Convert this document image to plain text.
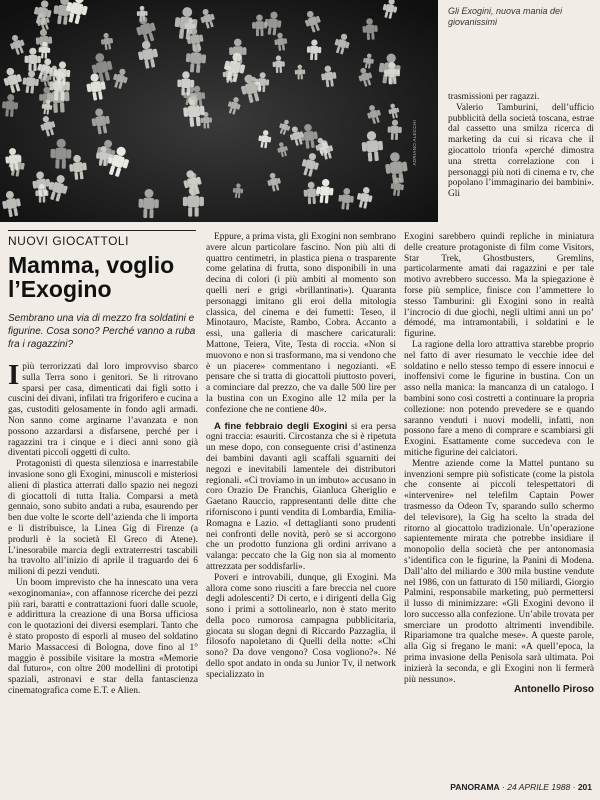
ADRIANO ALECCHI
Gli Exogini, nuova mania dei giovanissimi
NUOVI GIOCATTOLI
Mamma, voglio l’Exogino
Sembrano una via di mezzo fra soldatini e figurine. Cosa sono? Perché vanno a ruba fra i ragazzini?

Ipiù terrorizzati dal loro improvviso sbarco sulla Terra sono i genitori. Se li ritrovano sparsi per casa, dimenticati dai figli sotto i cuscini dei divani, infilati tra frigorifero e cucina a gas, custoditi gelosamente in fondo agli armadi. Non sanno come arginarne l’avanzata e non possono azzardarsi a disfarsene, perché per i ragazzini tra i cinque e i dieci anni sono già diventati piccoli oggetti di culto.

Protagonisti di questa silenziosa e inarrestabile invasione sono gli Exogini, minuscoli e misteriosi alieni di plastica atterrati dallo spazio nei negozi di giocattoli di tutta Italia. Comparsi a metà gennaio, sono subito andati a ruba, esaurendo per ben due volte le scorte dell’azienda che li importa e li distribuisce, la Linea Gig di Firenze (a produrli è la società El Greco di Atene). L’inesorabile marcia degli extraterrestri tascabili ha travolto all’inizio di aprile il traguardo dei 6 milioni di pezzi venduti.

Un boom imprevisto che ha innescato una vera «exoginomania», con affannose ricerche dei pezzi più rari, baratti e contrattazioni fuori dalle scuole, e addirittura la creazione di una Borsa ufficiosa con le quotazioni dei diversi esemplari. Tanto che è stato proposto di esporli al museo del soldatino Mario Massaccesi di Bologna, dove fino al 1° maggio è possibile visitare la mostra «Memorie dal futuro», con oltre 200 modellini di prototipi spaziali, astronavi e star della fantascienza cinematografica come E.T. e Alien.

Eppure, a prima vista, gli Exogini non sembrano avere alcun particolare fascino. Non più alti di quattro centimetri, in plastica piena o trasparente come gelatina di frutta, sono disponibili in una decina di colori (i più ambiti al momento son quelli neri e grigi «brillantinati»). Quaranta personaggi imitano gli eroi della mitologia classica, del cinema e dei fumetti: Teseo, il Minotauro, Maciste, Rambo, Cobra. Accanto a essi, una galleria di maschere caricaturali: Mattone, Teiera, Vite, Testa di roccia. «Non si muovono e non si trasformano, ma si vendono che è un piacere» commentano i negozianti. «E pensare che si tratta di giocattoli piuttosto poveri, a cominciare dal prezzo, che va dalle 500 lire per la bustina con un Exogino alle 12 mila per la confezione che ne contiene 40».

A fine febbraio degli Exogini si era persa ogni traccia: esauriti. Circostanza che si è ripetuta un mese dopo, con conseguente crisi d’astinenza dei bambini davanti agli scaffali sguarniti dei negozi e inevitabili lamentele dei distributori regionali. «Ci troviamo in un imbuto» accusano in coro Orazio De Franchis, Gianluca Gheriglio e Gaetano Rauccio, rappresentanti delle ditte che riforniscono i punti vendita di Lombardia, Emilia-Romagna e Lazio. «I dettaglianti sono prudenti nei confronti delle novità, però se si accorgono che un prodotto funziona gli ordini arrivano a valanga: peccato che la Gig non sia al momento attrezzata per soddisfarli».

Poveri e introvabili, dunque, gli Exogini. Ma allora come sono riusciti a fare breccia nel cuore degli adolescenti? Di certo, e i dirigenti della Gig sono i primi a sottolinearlo, non è stato merito della poco rumorosa campagna pubblicitaria, giocata su slogan degni di Riccardo Pazzaglia, il filosofo napoletano di Quelli della notte: «Chi sono? Da dove vengono? Cosa vogliono?». Né dello spot andato in onda su Junior Tv, il network specializzato in

trasmissioni per ragazzi.

Valerio Tamburini, dell’ufficio pubblicità della società toscana, estrae dal cassetto una smilza ricerca di marketing da cui si ricava che il giocattolo trionfa «perché dimostra una stretta correlazione con i personaggi più noti di cinema e tv, che popolano l’immaginario dei bambini». Gli

Exogini sarebbero quindi repliche in miniatura delle creature protagoniste di film come Visitors, Star Trek, Ghostbusters, Gremlins, particolarmente amati dai ragazzini e per tale motivo avrebbero successo. Ma la spiegazione è forse più semplice, finisce con l’ammettere lo stesso Tamburini: gli Exogini sono in realtà l’incrocio di due giochi, negli ultimi anni un po’ démodé, ma intramontabili, i soldatini e le figurine.

La ragione della loro attrattiva starebbe proprio nel fatto di aver riesumato le vecchie idee del soldatino e nello stesso tempo di essere innocui e inoffensivi come le figurine in bustina. Con un asso nella manica: la mancanza di un catalogo. I bambini sono così costretti a continuare la propria collezione: non potendo prevedere se e quando saranno venduti i nuovi modelli, infatti, non possono fare a meno di comprare e scambiarsi gli Exogini. Esattamente come succedeva con le mitiche figurine dei calciatori.

Mentre aziende come la Mattel puntano su invenzioni sempre più sofisticate (come la pistola che consente ai piccoli telespettatori di «intervenire» nel telefilm Captain Power trasmesso da Odeon Tv, sparando sullo schermo del televisore), la Gig ha scelto la strada del ritorno al giocattolo tradizionale. Un’operazione sapientemente mirata che potrebbe insidiare il monopolio della società che per antonomasia s’identifica con le figurine, la Panini di Modena. Dall’alto del miliardo e 300 mila bustine vendute nel 1986, con un fatturato di 150 miliardi, Giorgio Palmini, responsabile marketing, può permettersi il lusso di minimizzare: «Gli Exogini devono il loro successo alla confezione. Un’abile trovata per smerciare un prodotto altrimenti invendibile. Ripariamone tra qualche mese». A queste parole, alla Gig si fregano le mani: «A quell’epoca, la prima invasione della Penisola sarà ultimata. Poi inizierà la seconda, e gli Exogini non li fermerà più nessuno».

Antonello Piroso

PANORAMA · 24 APRILE 1988 · 201
